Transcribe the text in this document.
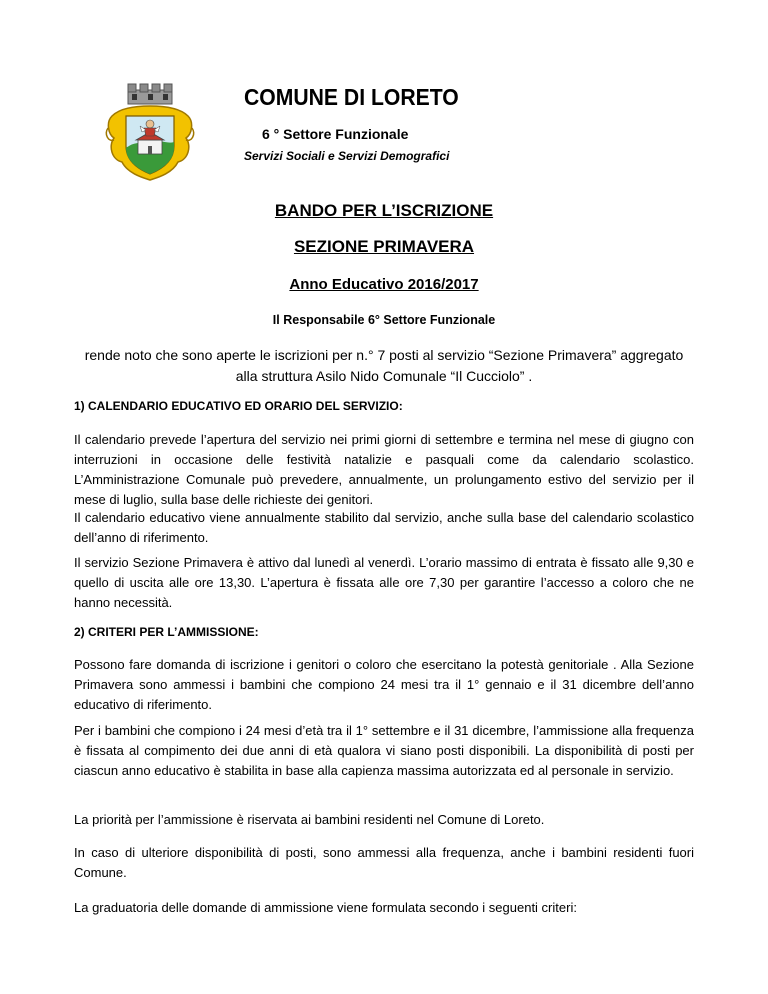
COMUNE DI LORETO
6 ° Settore Funzionale
Servizi Sociali e Servizi Demografici
BANDO PER L’ISCRIZIONE
SEZIONE PRIMAVERA
Anno Educativo 2016/2017
Il Responsabile 6° Settore Funzionale
rende noto che sono aperte le iscrizioni per n.° 7 posti al servizio “Sezione Primavera” aggregato
alla struttura Asilo Nido Comunale “Il Cucciolo” .
1) CALENDARIO EDUCATIVO ED ORARIO DEL SERVIZIO:

Il calendario prevede l’apertura del servizio nei primi giorni di settembre e termina nel mese di giugno con interruzioni in occasione delle festività natalizie e pasquali come da calendario scolastico. L’Amministrazione Comunale può prevedere, annualmente, un prolungamento estivo del servizio per il mese di luglio, sulla base delle richieste dei genitori.

Il calendario educativo viene annualmente stabilito dal servizio, anche sulla base del calendario scolastico dell’anno di riferimento.

Il servizio Sezione Primavera è attivo dal lunedì al venerdì. L’orario massimo di entrata è fissato alle 9,30 e quello di uscita alle ore 13,30. L’apertura è fissata alle ore 7,30 per garantire l’accesso a coloro che ne hanno necessità.

2) CRITERI PER L’AMMISSIONE:

Possono fare domanda di iscrizione i genitori o coloro che esercitano la potestà genitoriale . Alla Sezione Primavera sono ammessi i bambini che compiono 24 mesi tra il 1° gennaio e il 31 dicembre dell’anno educativo di riferimento.

Per i bambini che compiono i 24 mesi d’età tra il 1° settembre e il 31 dicembre, l’ammissione alla frequenza è fissata al compimento dei due anni di età qualora vi siano posti disponibili. La disponibilità di posti per ciascun anno educativo è stabilita in base alla capienza massima autorizzata ed al personale in servizio.

La priorità per l’ammissione è riservata ai bambini residenti nel Comune di Loreto.

In caso di ulteriore disponibilità di posti, sono ammessi alla frequenza, anche i bambini residenti fuori Comune.

La graduatoria delle domande di ammissione viene formulata secondo i seguenti criteri:
